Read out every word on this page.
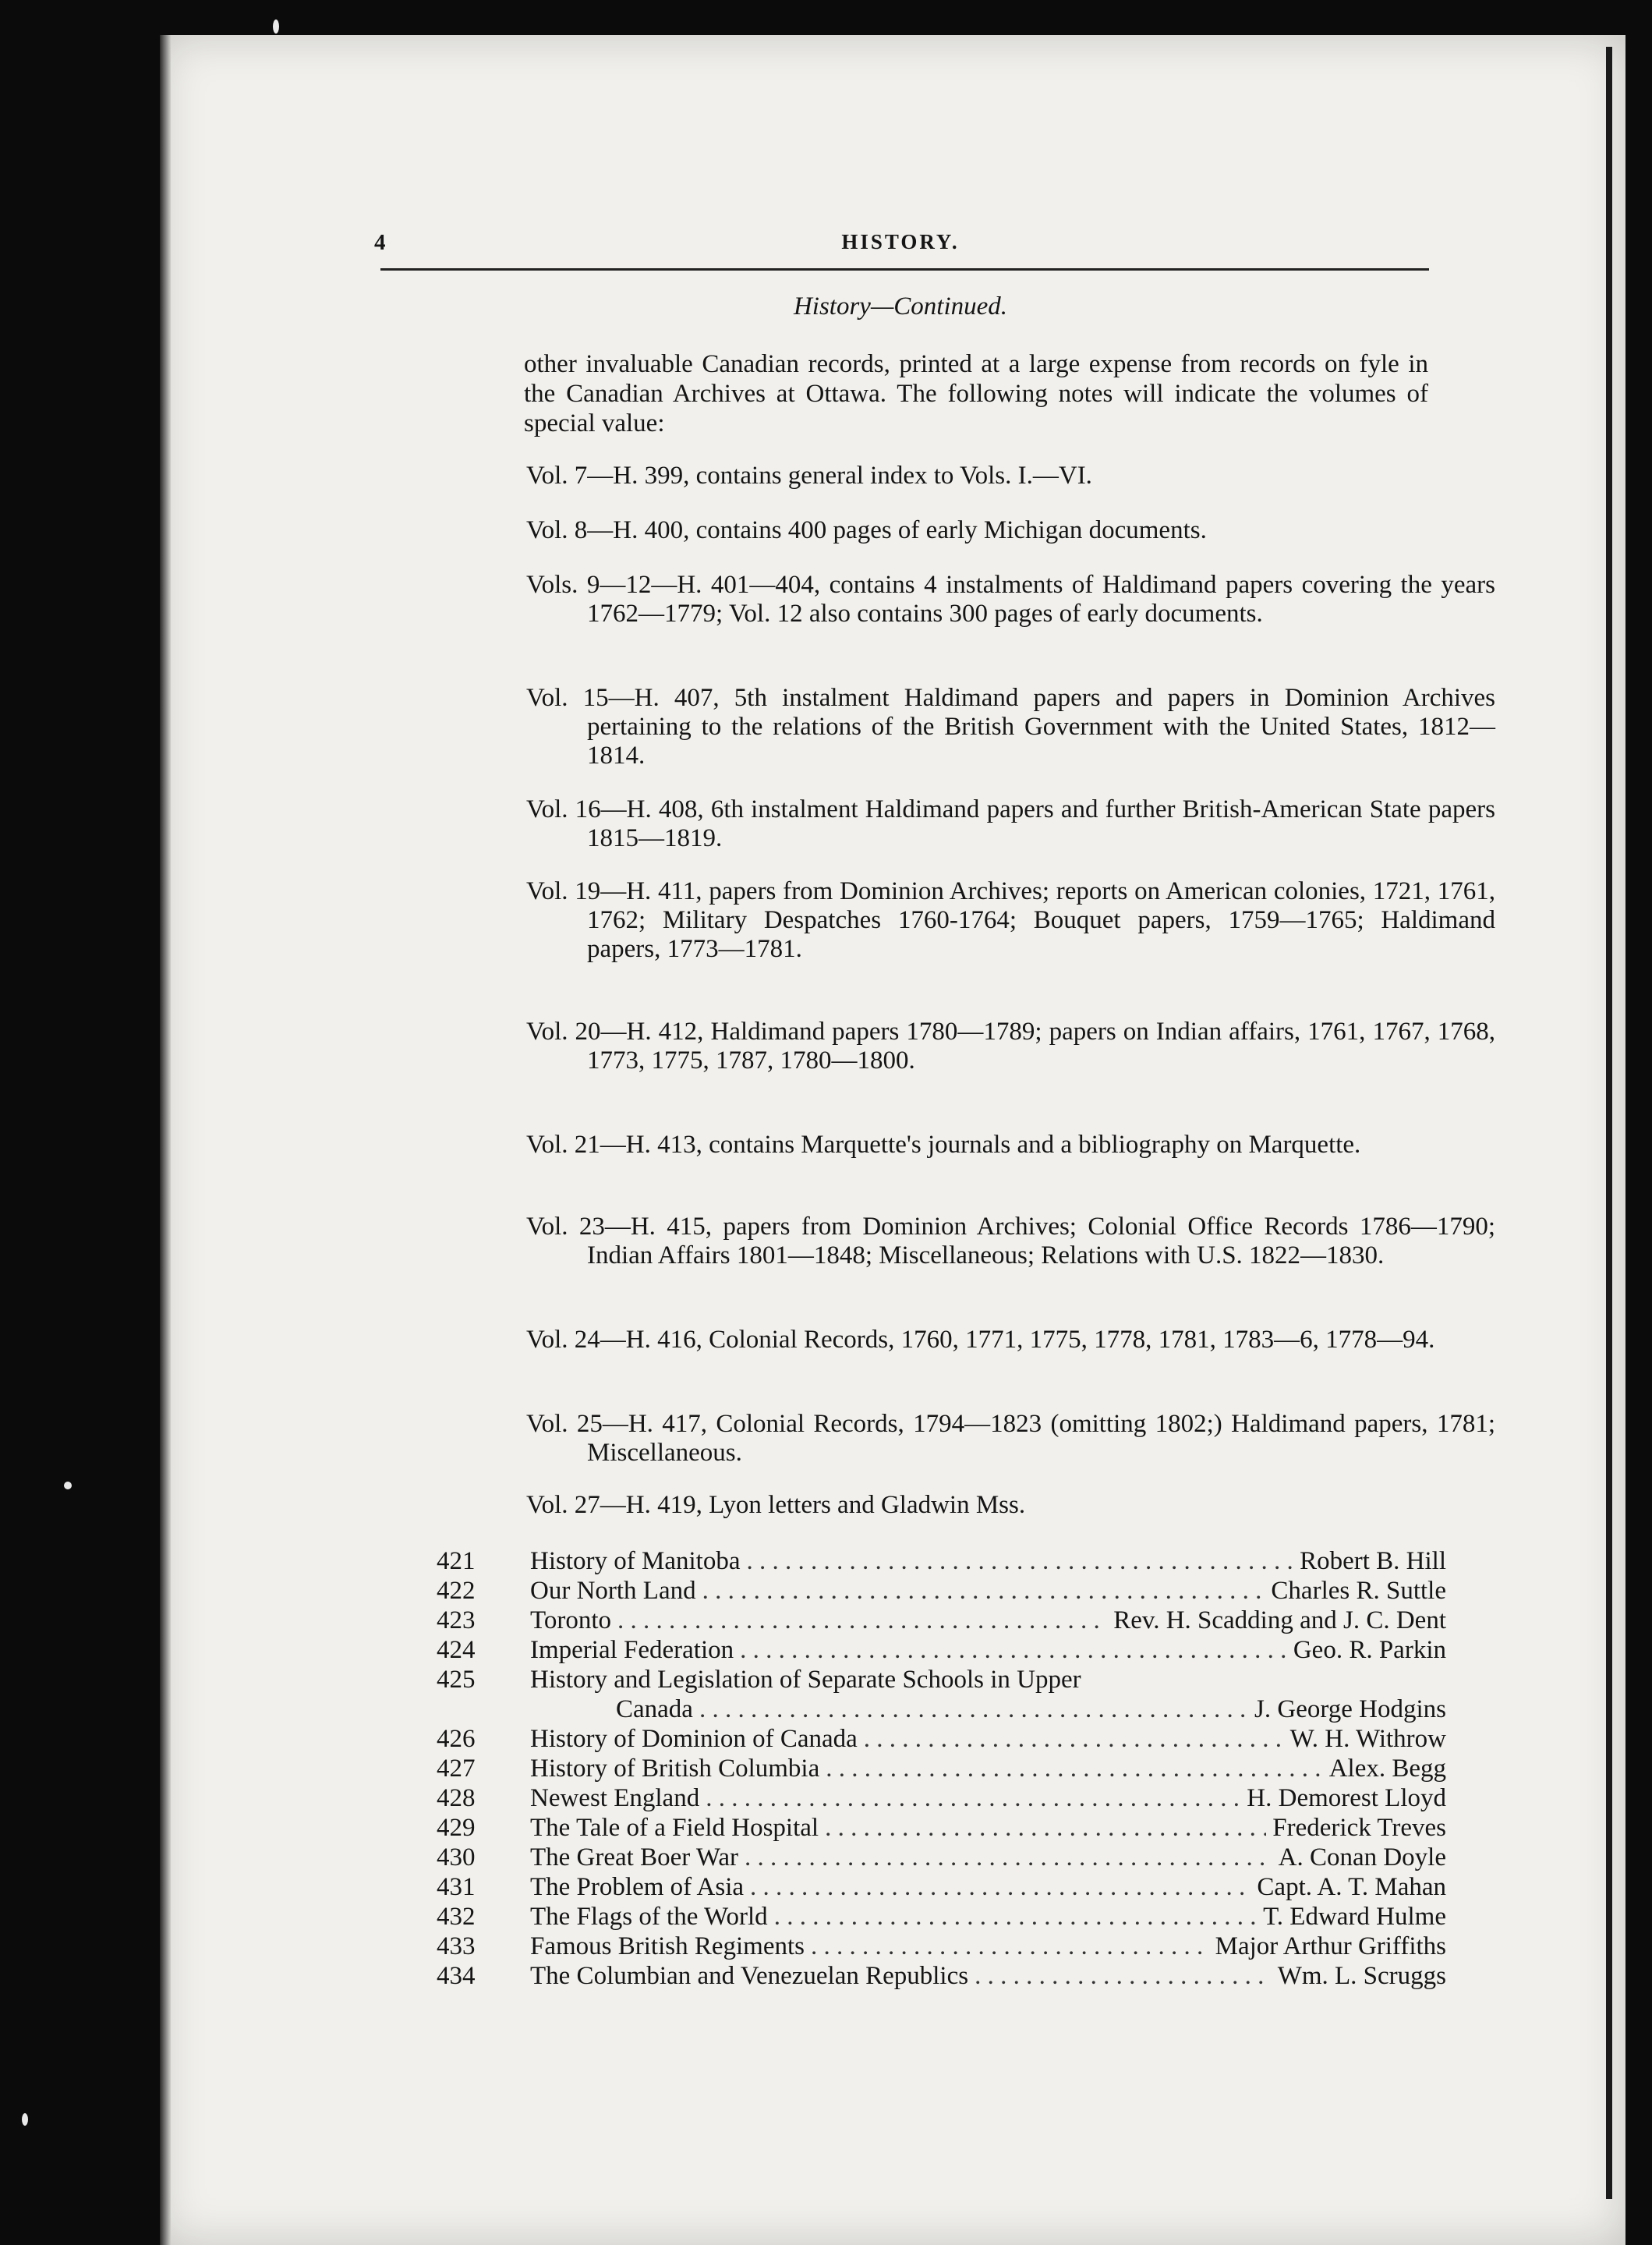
4	HISTORY.
History—Continued.
other invaluable Canadian records, printed at a large expense from records on fyle in the Canadian Archives at Ottawa. The following notes will indicate the volumes of special value:
Vol. 7—H. 399, contains general index to Vols. I.—VI.
Vol. 8—H. 400, contains 400 pages of early Michigan documents.
Vols. 9—12—H. 401—404, contains 4 instalments of Haldimand papers covering the years 1762—1779; Vol. 12 also contains 300 pages of early documents.
Vol. 15—H. 407, 5th instalment Haldimand papers and papers in Dominion Archives pertaining to the relations of the British Government with the United States, 1812—1814.
Vol. 16—H. 408, 6th instalment Haldimand papers and further British-American State papers 1815—1819.
Vol. 19—H. 411, papers from Dominion Archives; reports on American colonies, 1721, 1761, 1762; Military Despatches 1760-1764; Bouquet papers, 1759—1765; Haldimand papers, 1773—1781.
Vol. 20—H. 412, Haldimand papers 1780—1789; papers on Indian affairs, 1761, 1767, 1768, 1773, 1775, 1787, 1780—1800.
Vol. 21—H. 413, contains Marquette's journals and a bibliography on Marquette.
Vol. 23—H. 415, papers from Dominion Archives; Colonial Office Records 1786—1790; Indian Affairs 1801—1848; Miscellaneous; Relations with U.S. 1822—1830.
Vol. 24—H. 416, Colonial Records, 1760, 1771, 1775, 1778, 1781, 1783—6, 1778—94.
Vol. 25—H. 417, Colonial Records, 1794—1823 (omitting 1802;) Haldimand papers, 1781; Miscellaneous.
Vol. 27—H. 419, Lyon letters and Gladwin Mss.
421	History of Manitoba . . .	Robert B. Hill
422	Our North Land . . .	Charles R. Suttle
423	Toronto . . .	Rev. H. Scadding and J. C. Dent
424	Imperial Federation . . .	Geo. R. Parkin
425	History and Legislation of Separate Schools in Upper
Canada . . .	J. George Hodgins
426	History of Dominion of Canada . . .	W. H. Withrow
427	History of British Columbia . . .	Alex. Begg
428	Newest England . . .	H. Demorest Lloyd
429	The Tale of a Field Hospital . . .	Frederick Treves
430	The Great Boer War . . .	A. Conan Doyle
431	The Problem of Asia . . .	Capt. A. T. Mahan
432	The Flags of the World . . .	T. Edward Hulme
433	Famous British Regiments . . .	Major Arthur Griffiths
434	The Columbian and Venezuelan Republics . . .	Wm. L. Scruggs
